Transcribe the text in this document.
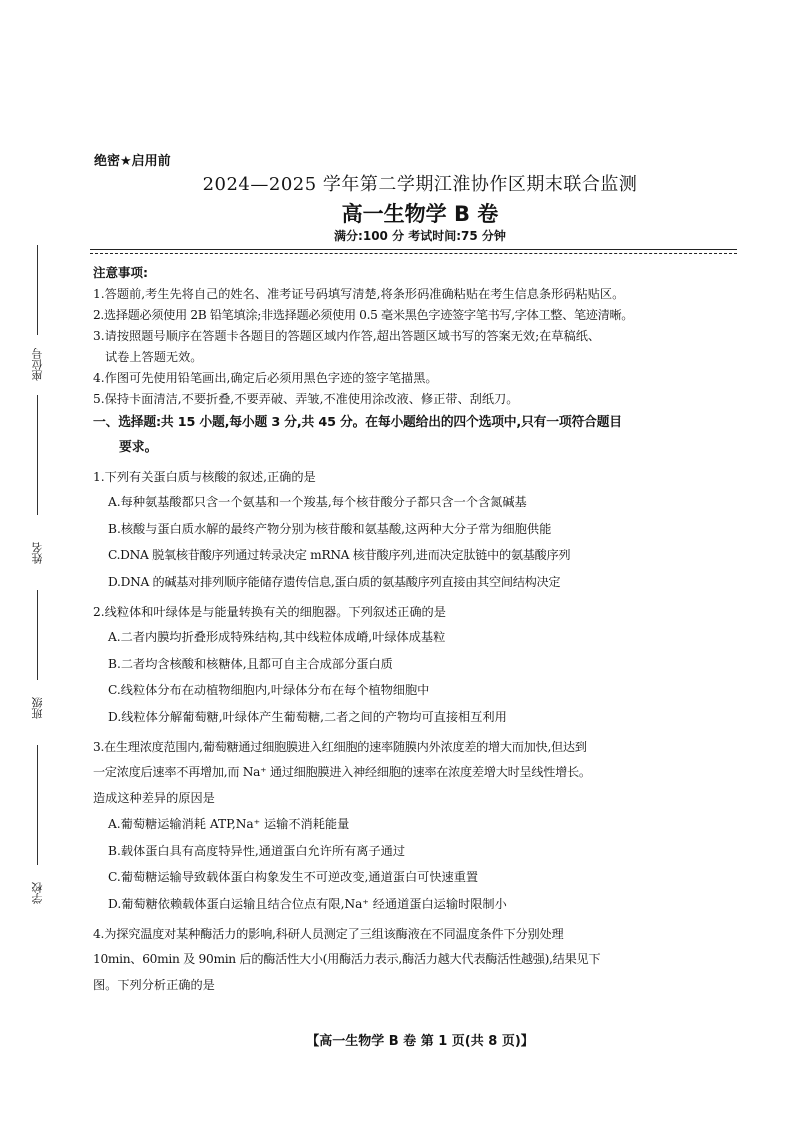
座位号
姓名
班级
学校
绝密★启用前
2024—2025 学年第二学期江淮协作区期末联合监测
高一生物学 B 卷
满分:100 分 考试时间:75 分钟
注意事项:
1.答题前,考生先将自己的姓名、准考证号码填写清楚,将条形码准确粘贴在考生信息条形码粘贴区。
2.选择题必须使用 2B 铅笔填涂;非选择题必须使用 0.5 毫米黑色字迹签字笔书写,字体工整、笔迹清晰。
3.请按照题号顺序在答题卡各题目的答题区域内作答,超出答题区域书写的答案无效;在草稿纸、
试卷上答题无效。
4.作图可先使用铅笔画出,确定后必须用黑色字迹的签字笔描黑。
5.保持卡面清洁,不要折叠,不要弄破、弄皱,不准使用涂改液、修正带、刮纸刀。
一、选择题:共 15 小题,每小题 3 分,共 45 分。在每小题给出的四个选项中,只有一项符合题目
要求。
1.下列有关蛋白质与核酸的叙述,正确的是
A.每种氨基酸都只含一个氨基和一个羧基,每个核苷酸分子都只含一个含氮碱基
B.核酸与蛋白质水解的最终产物分别为核苷酸和氨基酸,这两种大分子常为细胞供能
C.DNA 脱氧核苷酸序列通过转录决定 mRNA 核苷酸序列,进而决定肽链中的氨基酸序列
D.DNA 的碱基对排列顺序能储存遗传信息,蛋白质的氨基酸序列直接由其空间结构决定
2.线粒体和叶绿体是与能量转换有关的细胞器。下列叙述正确的是
A.二者内膜均折叠形成特殊结构,其中线粒体成嵴,叶绿体成基粒
B.二者均含核酸和核糖体,且都可自主合成部分蛋白质
C.线粒体分布在动植物细胞内,叶绿体分布在每个植物细胞中
D.线粒体分解葡萄糖,叶绿体产生葡萄糖,二者之间的产物均可直接相互利用
3.在生理浓度范围内,葡萄糖通过细胞膜进入红细胞的速率随膜内外浓度差的增大而加快,但达到
一定浓度后速率不再增加,而 Na⁺ 通过细胞膜进入神经细胞的速率在浓度差增大时呈线性增长。
造成这种差异的原因是
A.葡萄糖运输消耗 ATP,Na⁺ 运输不消耗能量
B.载体蛋白具有高度特异性,通道蛋白允许所有离子通过
C.葡萄糖运输导致载体蛋白构象发生不可逆改变,通道蛋白可快速重置
D.葡萄糖依赖载体蛋白运输且结合位点有限,Na⁺ 经通道蛋白运输时限制小
4.为探究温度对某种酶活力的影响,科研人员测定了三组该酶液在不同温度条件下分别处理
10min、60min 及 90min 后的酶活性大小(用酶活力表示,酶活力越大代表酶活性越强),结果见下
图。下列分析正确的是
【高一生物学 B 卷 第 1 页(共 8 页)】
